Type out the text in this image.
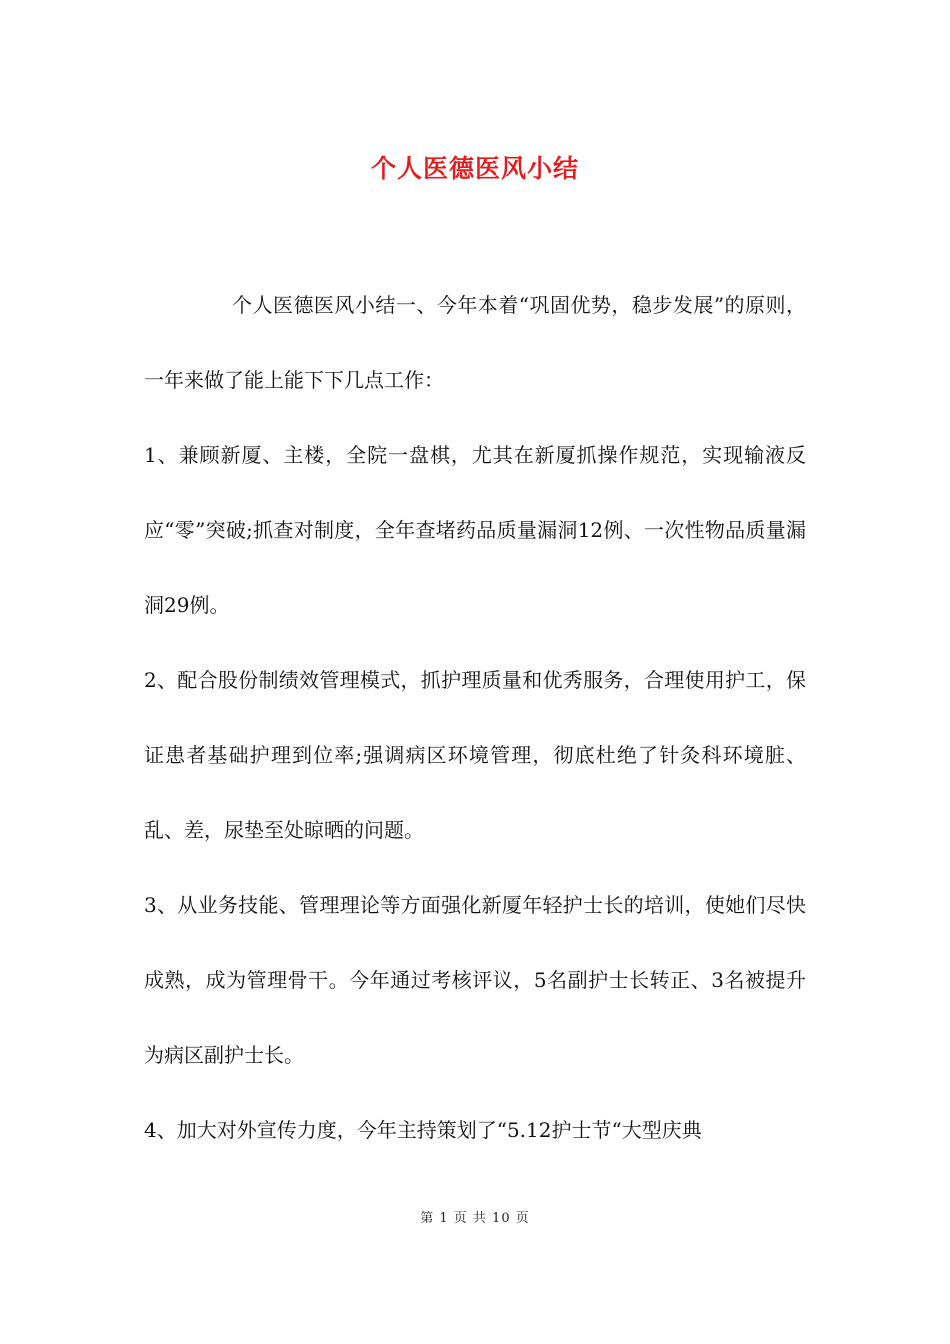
个人医德医风小结

个人医德医风小结一、今年本着“巩固优势，稳步发展”的原则，一年来做了能上能下下几点工作：

1、兼顾新厦、主楼，全院一盘棋，尤其在新厦抓操作规范，实现输液反应“零”突破;抓查对制度，全年查堵药品质量漏洞12例、一次性物品质量漏洞29例。

2、配合股份制绩效管理模式，抓护理质量和优秀服务，合理使用护工，保证患者基础护理到位率;强调病区环境管理，彻底杜绝了针灸科环境脏、乱、差，尿垫至处晾晒的问题。

3、从业务技能、管理理论等方面强化新厦年轻护士长的培训，使她们尽快成熟，成为管理骨干。今年通过考核评议，5名副护士长转正、3名被提升为病区副护士长。

4、加大对外宣传力度，今年主持策划了“5.12护士节“大型庆典

第 1 页 共 10 页
